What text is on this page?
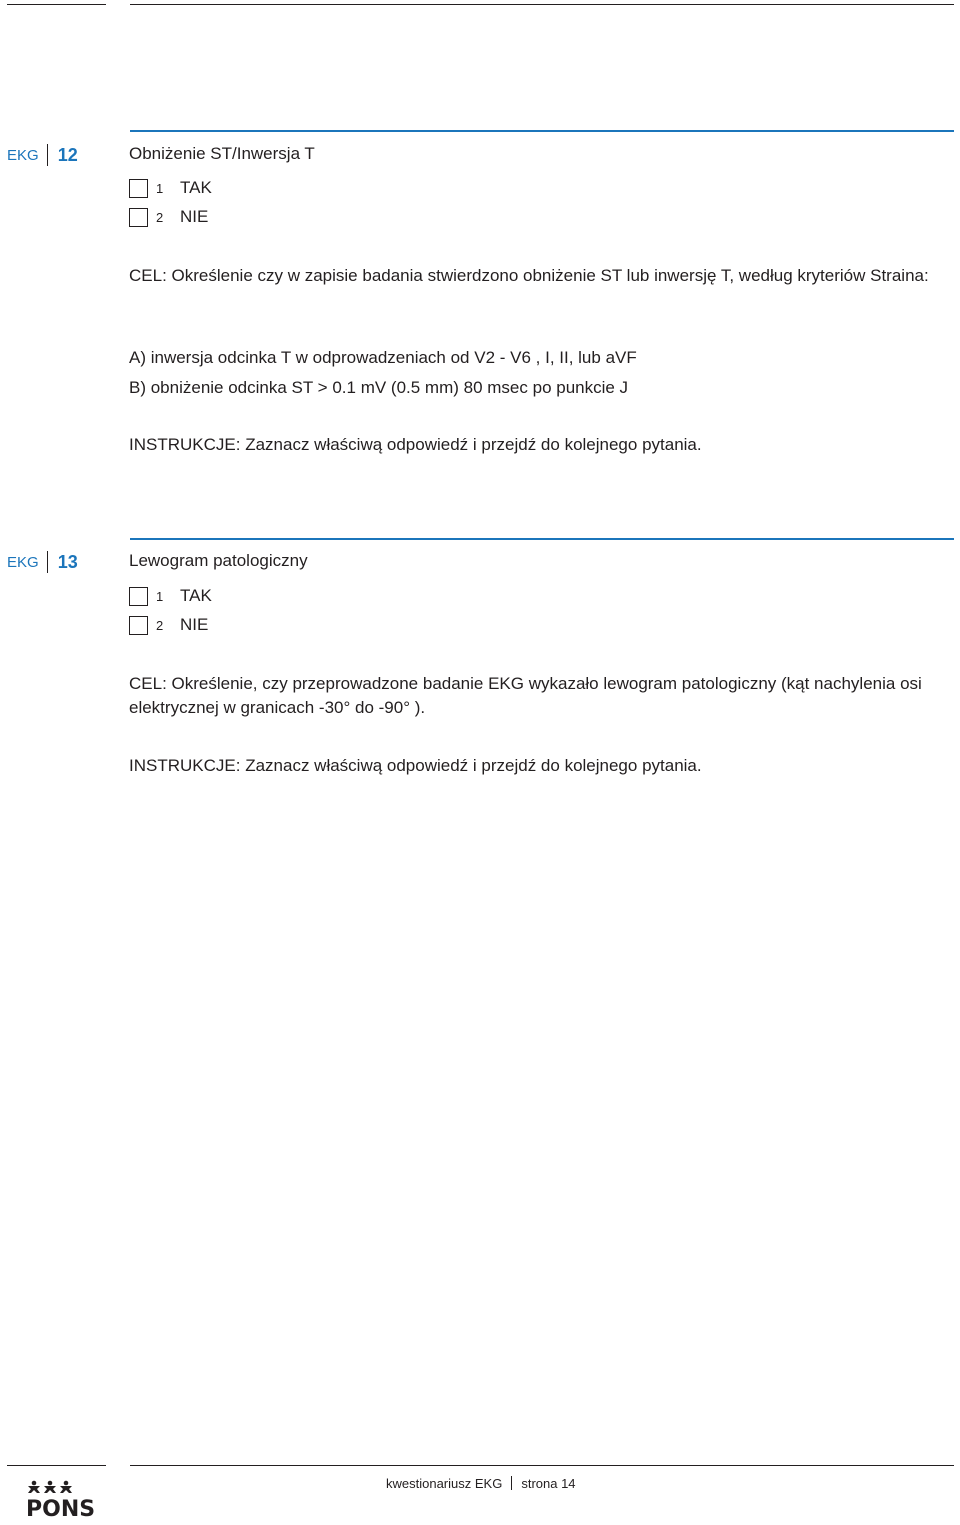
EKG 12	Obniżenie ST/Inwersja T
1 TAK
2 NIE
CEL: Określenie czy w zapisie badania stwierdzono obniżenie ST lub inwersję T, według kryteriów Straina:
A) inwersja odcinka T w odprowadzeniach od V2 - V6 , I, II, lub aVF
B) obniżenie odcinka ST > 0.1 mV (0.5 mm) 80 msec po punkcie J
INSTRUKCJE: Zaznacz właściwą odpowiedź i przejdź do kolejnego pytania.
EKG 13	Lewogram patologiczny
1 TAK
2 NIE
CEL: Określenie, czy przeprowadzone badanie EKG wykazało lewogram patologiczny (kąt nachylenia osi elektrycznej w granicach -30° do -90° ).
INSTRUKCJE: Zaznacz właściwą odpowiedź i przejdź do kolejnego pytania.
PONS
kwestionariusz EKG strona 14
